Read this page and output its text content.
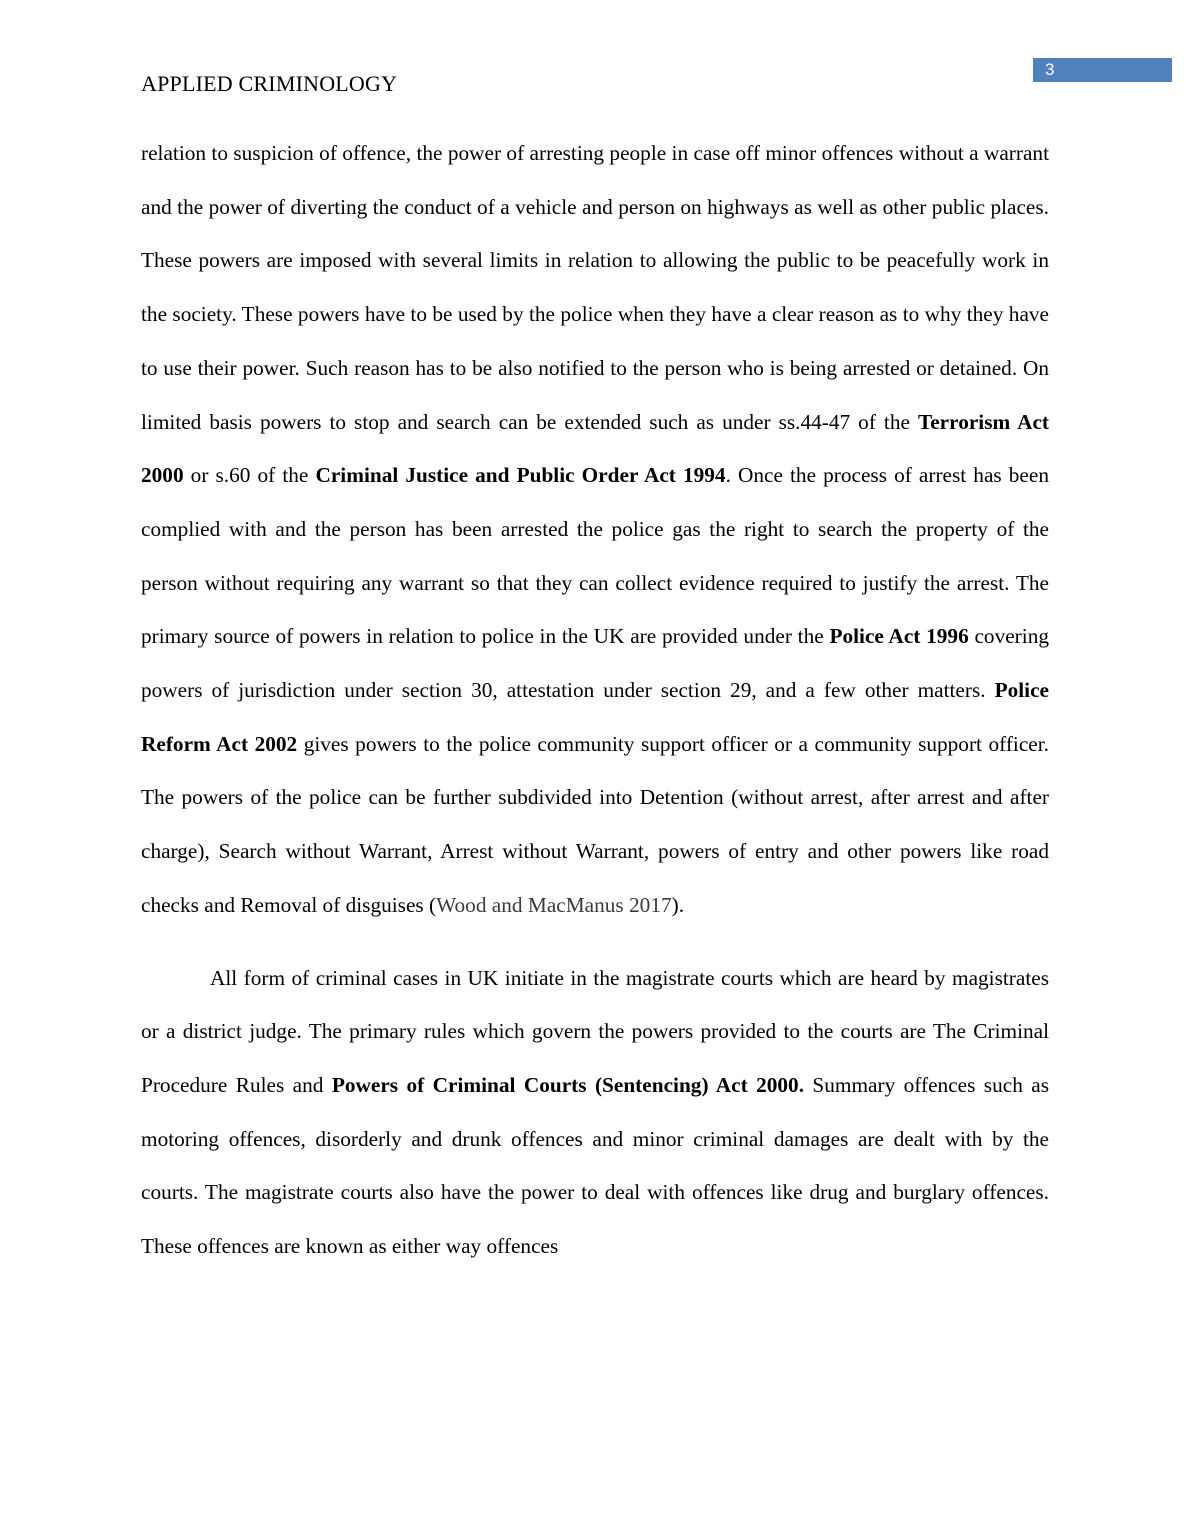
APPLIED CRIMINOLOGY
3

relation to suspicion of offence, the power of arresting people in case off minor offences without a warrant and the power of diverting the conduct of a vehicle and person on highways as well as other public places. These powers are imposed with several limits in relation to allowing the public to be peacefully work in the society. These powers have to be used by the police when they have a clear reason as to why they have to use their power. Such reason has to be also notified to the person who is being arrested or detained. On limited basis powers to stop and search can be extended such as under ss.44-47 of the Terrorism Act 2000 or s.60 of the Criminal Justice and Public Order Act 1994. Once the process of arrest has been complied with and the person has been arrested the police gas the right to search the property of the person without requiring any warrant so that they can collect evidence required to justify the arrest. The primary source of powers in relation to police in the UK are provided under the Police Act 1996 covering powers of jurisdiction under section 30, attestation under section 29, and a few other matters. Police Reform Act 2002 gives powers to the police community support officer or a community support officer. The powers of the police can be further subdivided into Detention (without arrest, after arrest and after charge), Search without Warrant, Arrest without Warrant, powers of entry and other powers like road checks and Removal of disguises (Wood and MacManus 2017).

All form of criminal cases in UK initiate in the magistrate courts which are heard by magistrates or a district judge. The primary rules which govern the powers provided to the courts are The Criminal Procedure Rules and Powers of Criminal Courts (Sentencing) Act 2000. Summary offences such as motoring offences, disorderly and drunk offences and minor criminal damages are dealt with by the courts. The magistrate courts also have the power to deal with offences like drug and burglary offences. These offences are known as either way offences
